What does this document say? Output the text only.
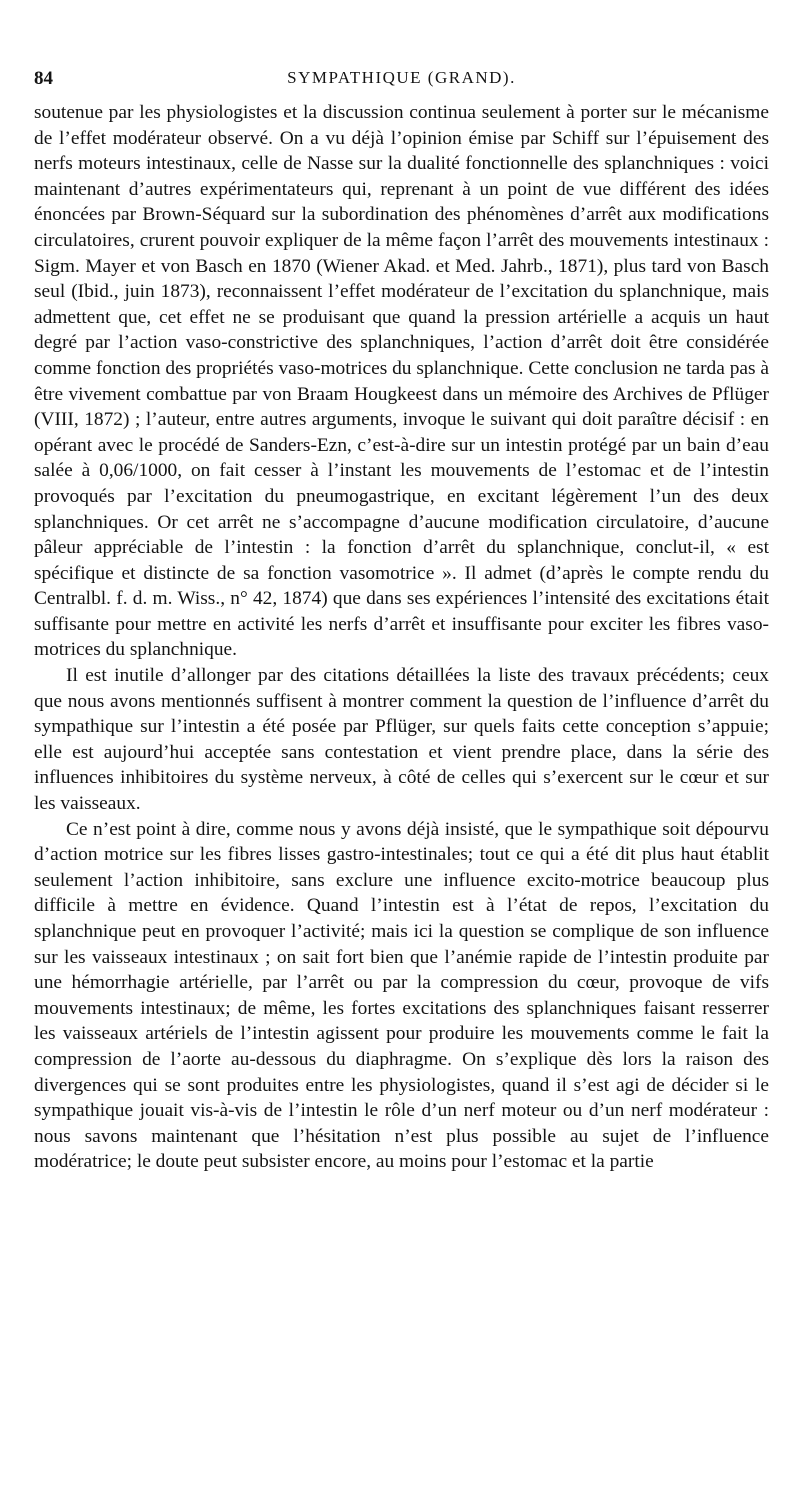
84	SYMPATHIQUE (GRAND).

soutenue par les physiologistes et la discussion continua seulement à porter sur le mécanisme de l’effet modérateur observé. On a vu déjà l’opinion émise par Schiff sur l’épuisement des nerfs moteurs intestinaux, celle de Nasse sur la dualité fonctionnelle des splanchniques : voici maintenant d’autres expérimentateurs qui, reprenant à un point de vue différent des idées énoncées par Brown-Séquard sur la subordination des phénomènes d’arrêt aux modifications circulatoires, crurent pouvoir expliquer de la même façon l’arrêt des mouvements intestinaux : Sigm. Mayer et von Basch en 1870 (Wiener Akad. et Med. Jahrb., 1871), plus tard von Basch seul (Ibid., juin 1873), reconnaissent l’effet modérateur de l’excitation du splanchnique, mais admettent que, cet effet ne se produisant que quand la pression artérielle a acquis un haut degré par l’action vaso-constrictive des splanchniques, l’action d’arrêt doit être considérée comme fonction des propriétés vaso-motrices du splanchnique. Cette conclusion ne tarda pas à être vivement combattue par von Braam Hougkeest dans un mémoire des Archives de Pflüger (VIII, 1872) ; l’auteur, entre autres arguments, invoque le suivant qui doit paraître décisif : en opérant avec le procédé de Sanders-Ezn, c’est-à-dire sur un intestin protégé par un bain d’eau salée à 0,06/1000, on fait cesser à l’instant les mouvements de l’estomac et de l’intestin provoqués par l’excitation du pneumogastrique, en excitant légèrement l’un des deux splanchniques. Or cet arrêt ne s’accompagne d’aucune modification circulatoire, d’aucune pâleur appréciable de l’intestin : la fonction d’arrêt du splanchnique, conclut-il, « est spécifique et distincte de sa fonction vasomotrice ». Il admet (d’après le compte rendu du Centralbl. f. d. m. Wiss., n° 42, 1874) que dans ses expériences l’intensité des excitations était suffisante pour mettre en activité les nerfs d’arrêt et insuffisante pour exciter les fibres vaso-motrices du splanchnique.

Il est inutile d’allonger par des citations détaillées la liste des travaux précédents; ceux que nous avons mentionnés suffisent à montrer comment la question de l’influence d’arrêt du sympathique sur l’intestin a été posée par Pflüger, sur quels faits cette conception s’appuie; elle est aujourd’hui acceptée sans contestation et vient prendre place, dans la série des influences inhibitoires du système nerveux, à côté de celles qui s’exercent sur le cœur et sur les vaisseaux.

Ce n’est point à dire, comme nous y avons déjà insisté, que le sympathique soit dépourvu d’action motrice sur les fibres lisses gastro-intestinales; tout ce qui a été dit plus haut établit seulement l’action inhibitoire, sans exclure une influence excito-motrice beaucoup plus difficile à mettre en évidence. Quand l’intestin est à l’état de repos, l’excitation du splanchnique peut en provoquer l’activité; mais ici la question se complique de son influence sur les vaisseaux intestinaux ; on sait fort bien que l’anémie rapide de l’intestin produite par une hémorrhagie artérielle, par l’arrêt ou par la compression du cœur, provoque de vifs mouvements intestinaux; de même, les fortes excitations des splanchniques faisant resserrer les vaisseaux artériels de l’intestin agissent pour produire les mouvements comme le fait la compression de l’aorte au-dessous du diaphragme. On s’explique dès lors la raison des divergences qui se sont produites entre les physiologistes, quand il s’est agi de décider si le sympathique jouait vis-à-vis de l’intestin le rôle d’un nerf moteur ou d’un nerf modérateur : nous savons maintenant que l’hésitation n’est plus possible au sujet de l’influence modératrice; le doute peut subsister encore, au moins pour l’estomac et la partie
